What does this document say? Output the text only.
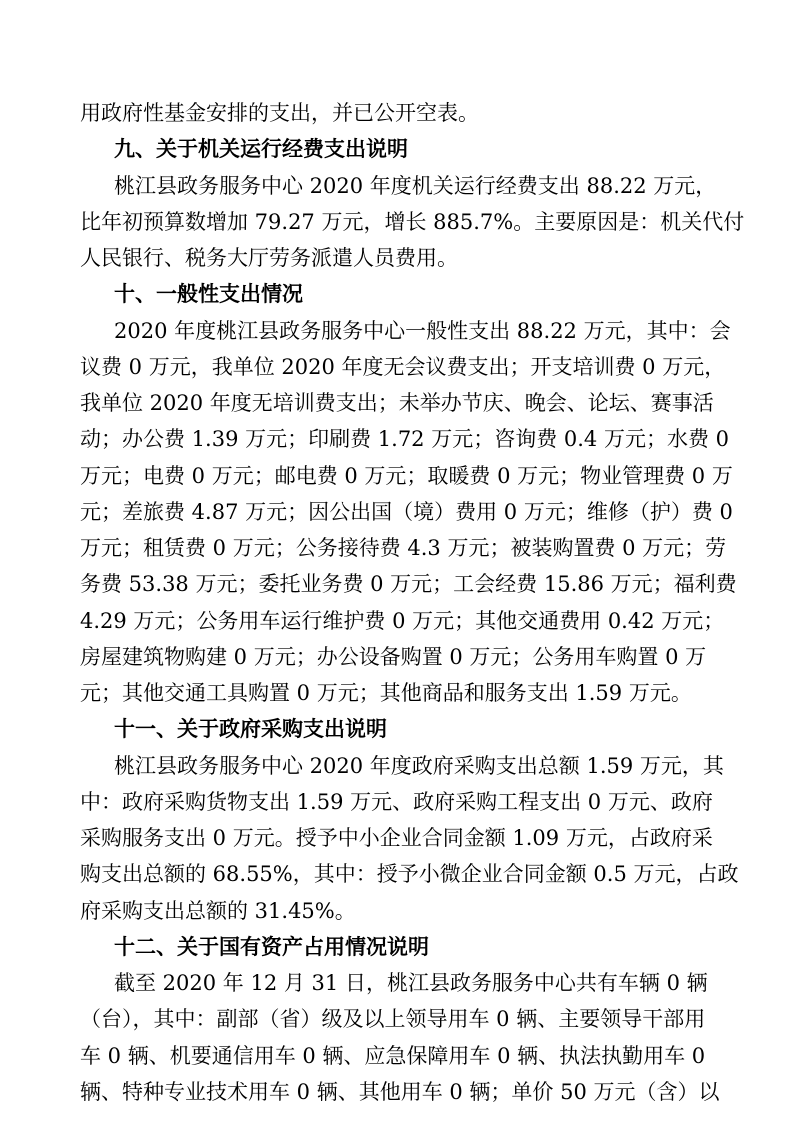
用政府性基金安排的支出，并已公开空表。
九、关于机关运行经费支出说明
桃江县政务服务中心 2020 年度机关运行经费支出 88.22 万元，
比年初预算数增加 79.27 万元，增长 885.7%。主要原因是：机关代付
人民银行、税务大厅劳务派遣人员费用。
十、一般性支出情况
2020 年度桃江县政务服务中心一般性支出 88.22 万元，其中：会
议费 0 万元，我单位 2020 年度无会议费支出；开支培训费 0 万元，
我单位 2020 年度无培训费支出；未举办节庆、晚会、论坛、赛事活
动；办公费 1.39 万元；印刷费 1.72 万元；咨询费 0.4 万元；水费 0
万元；电费 0 万元；邮电费 0 万元；取暖费 0 万元；物业管理费 0 万
元；差旅费 4.87 万元；因公出国（境）费用 0 万元；维修（护）费 0
万元；租赁费 0 万元；公务接待费 4.3 万元；被装购置费 0 万元；劳
务费 53.38 万元；委托业务费 0 万元；工会经费 15.86 万元；福利费
4.29 万元；公务用车运行维护费 0 万元；其他交通费用 0.42 万元；
房屋建筑物购建 0 万元；办公设备购置 0 万元；公务用车购置 0 万
元；其他交通工具购置 0 万元；其他商品和服务支出 1.59 万元。
十一、关于政府采购支出说明
桃江县政务服务中心 2020 年度政府采购支出总额 1.59 万元，其
中：政府采购货物支出 1.59 万元、政府采购工程支出 0 万元、政府
采购服务支出 0 万元。授予中小企业合同金额 1.09 万元，占政府采
购支出总额的 68.55%，其中：授予小微企业合同金额 0.5 万元，占政
府采购支出总额的 31.45%。
十二、关于国有资产占用情况说明
截至 2020 年 12 月 31 日，桃江县政务服务中心共有车辆 0 辆
（台），其中：副部（省）级及以上领导用车 0 辆、主要领导干部用
车 0 辆、机要通信用车 0 辆、应急保障用车 0 辆、执法执勤用车 0
辆、特种专业技术用车 0 辆、其他用车 0 辆；单价 50 万元（含）以
